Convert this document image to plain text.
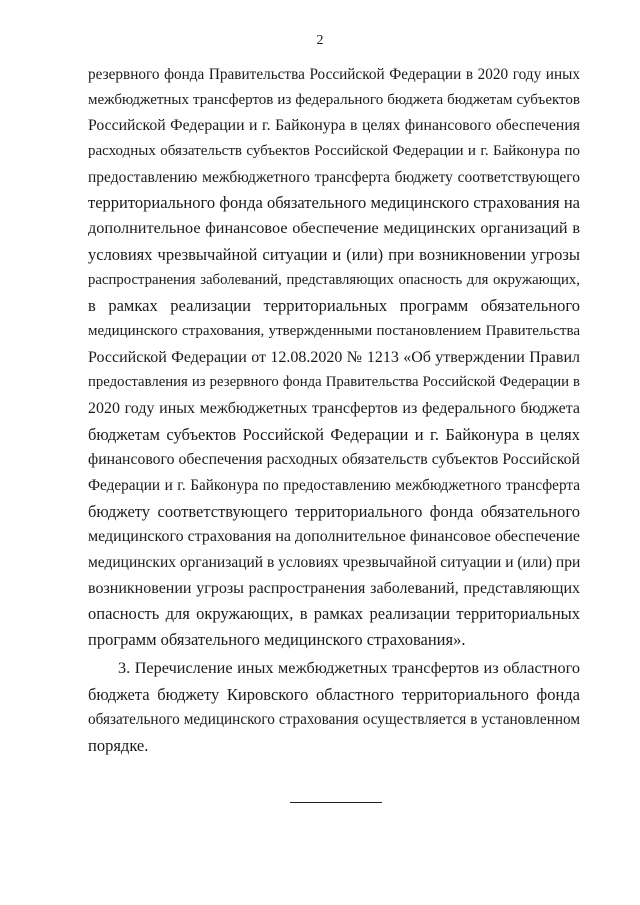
2
резервного фонда Правительства Российской Федерации в 2020 году иных
межбюджетных трансфертов из федерального бюджета бюджетам субъектов
Российской Федерации и г. Байконура в целях финансового обеспечения
расходных обязательств субъектов Российской Федерации и г. Байконура по
предоставлению межбюджетного трансферта бюджету соответствующего
территориального фонда обязательного медицинского страхования на
дополнительное финансовое обеспечение медицинских организаций в
условиях чрезвычайной ситуации и (или) при возникновении угрозы
распространения заболеваний, представляющих опасность для окружающих,
в рамках реализации территориальных программ обязательного
медицинского страхования, утвержденными постановлением Правительства
Российской Федерации от 12.08.2020 № 1213 «Об утверждении Правил
предоставления из резервного фонда Правительства Российской Федерации в
2020 году иных межбюджетных трансфертов из федерального бюджета
бюджетам субъектов Российской Федерации и г. Байконура в целях
финансового обеспечения расходных обязательств субъектов Российской
Федерации и г. Байконура по предоставлению межбюджетного трансферта
бюджету соответствующего территориального фонда обязательного
медицинского страхования на дополнительное финансовое обеспечение
медицинских организаций в условиях чрезвычайной ситуации и (или) при
возникновении угрозы распространения заболеваний, представляющих
опасность для окружающих, в рамках реализации территориальных
программ обязательного медицинского страхования».
3. Перечисление иных межбюджетных трансфертов из областного
бюджета бюджету Кировского областного территориального фонда
обязательного медицинского страхования осуществляется в установленном
порядке.
